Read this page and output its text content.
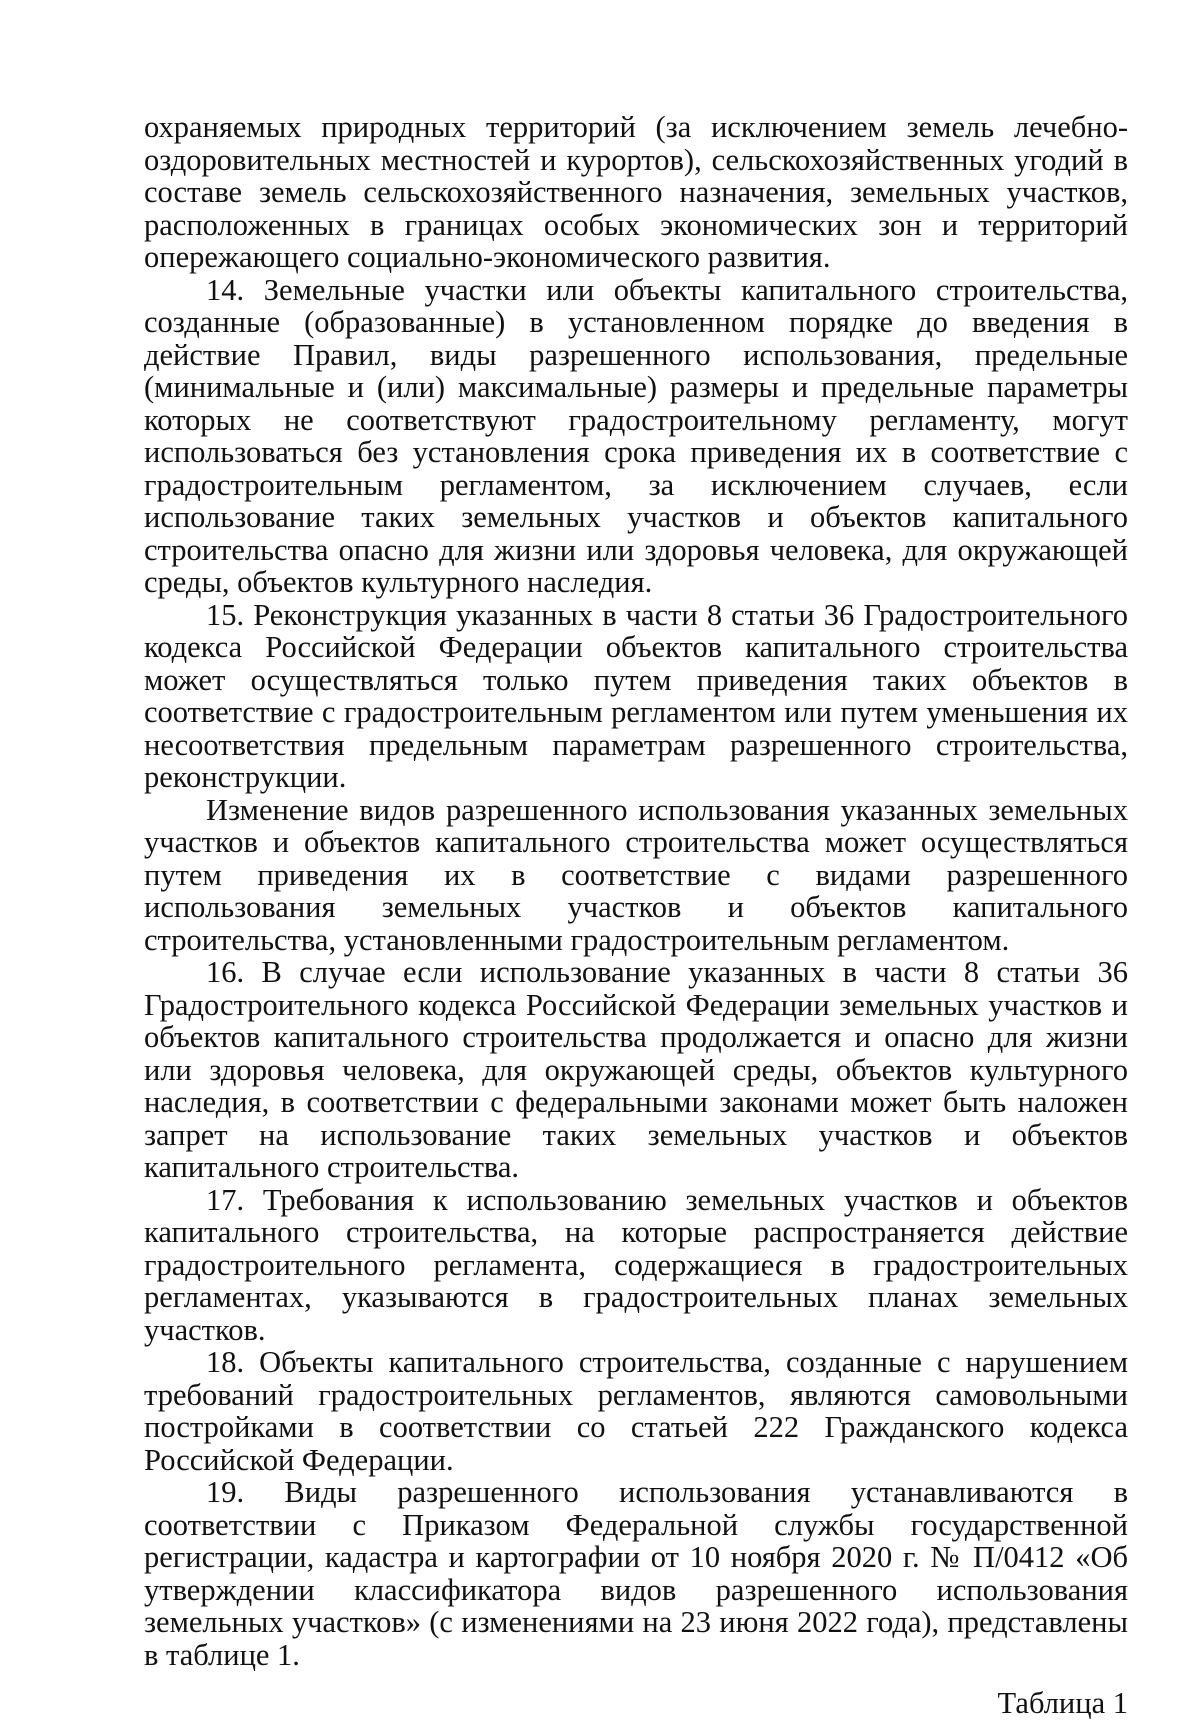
охраняемых природных территорий (за исключением земель лечебно-оздоровительных местностей и курортов), сельскохозяйственных угодий в составе земель сельскохозяйственного назначения, земельных участков, расположенных в границах особых экономических зон и территорий опережающего социально-экономического развития.

14. Земельные участки или объекты капитального строительства, созданные (образованные) в установленном порядке до введения в действие Правил, виды разрешенного использования, предельные (минимальные и (или) максимальные) размеры и предельные параметры которых не соответствуют градостроительному регламенту, могут использоваться без установления срока приведения их в соответствие с градостроительным регламентом, за исключением случаев, если использование таких земельных участков и объектов капитального строительства опасно для жизни или здоровья человека, для окружающей среды, объектов культурного наследия.

15. Реконструкция указанных в части 8 статьи 36 Градостроительного кодекса Российской Федерации объектов капитального строительства может осуществляться только путем приведения таких объектов в соответствие с градостроительным регламентом или путем уменьшения их несоответствия предельным параметрам разрешенного строительства, реконструкции.

Изменение видов разрешенного использования указанных земельных участков и объектов капитального строительства может осуществляться путем приведения их в соответствие с видами разрешенного использования земельных участков и объектов капитального строительства, установленными градостроительным регламентом.

16. В случае если использование указанных в части 8 статьи 36 Градостроительного кодекса Российской Федерации земельных участков и объектов капитального строительства продолжается и опасно для жизни или здоровья человека, для окружающей среды, объектов культурного наследия, в соответствии с федеральными законами может быть наложен запрет на использование таких земельных участков и объектов капитального строительства.

17. Требования к использованию земельных участков и объектов капитального строительства, на которые распространяется действие градостроительного регламента, содержащиеся в градостроительных регламентах, указываются в градостроительных планах земельных участков.

18. Объекты капитального строительства, созданные с нарушением требований градостроительных регламентов, являются самовольными постройками в соответствии со статьей 222 Гражданского кодекса Российской Федерации.

19. Виды разрешенного использования устанавливаются в соответствии с Приказом Федеральной службы государственной регистрации, кадастра и картографии от 10 ноября 2020 г. № П/0412 «Об утверждении классификатора видов разрешенного использования земельных участков» (с изменениями на 23 июня 2022 года), представлены в таблице 1.

Таблица 1
